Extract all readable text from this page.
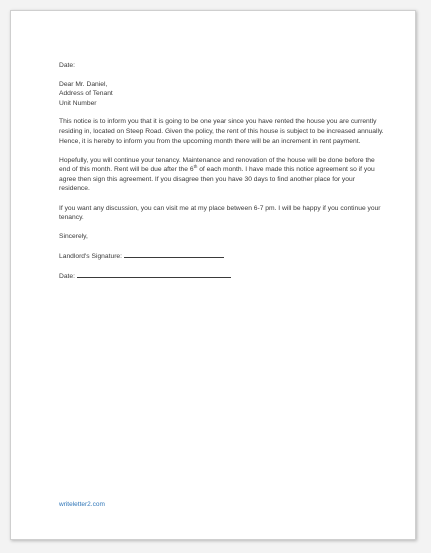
Date:

Dear Mr. Daniel,

Address of Tenant

Unit Number

This notice is to inform you that it is going to be one year since you have rented the house you are currently residing in, located on Steep Road. Given the policy, the rent of this house is subject to be increased annually. Hence, it is hereby to inform you from the upcoming month there will be an increment in rent payment.

Hopefully, you will continue your tenancy. Maintenance and renovation of the house will be done before the end of this month. Rent will be due after the 6th of each month. I have made this notice agreement so if you agree then sign this agreement. If you disagree then you have 30 days to find another place for your residence.

If you want any discussion, you can visit me at my place between 6-7 pm. I will be happy if you continue your tenancy.

Sincerely,

Landlord's Signature:

Date:

writeletter2.com
